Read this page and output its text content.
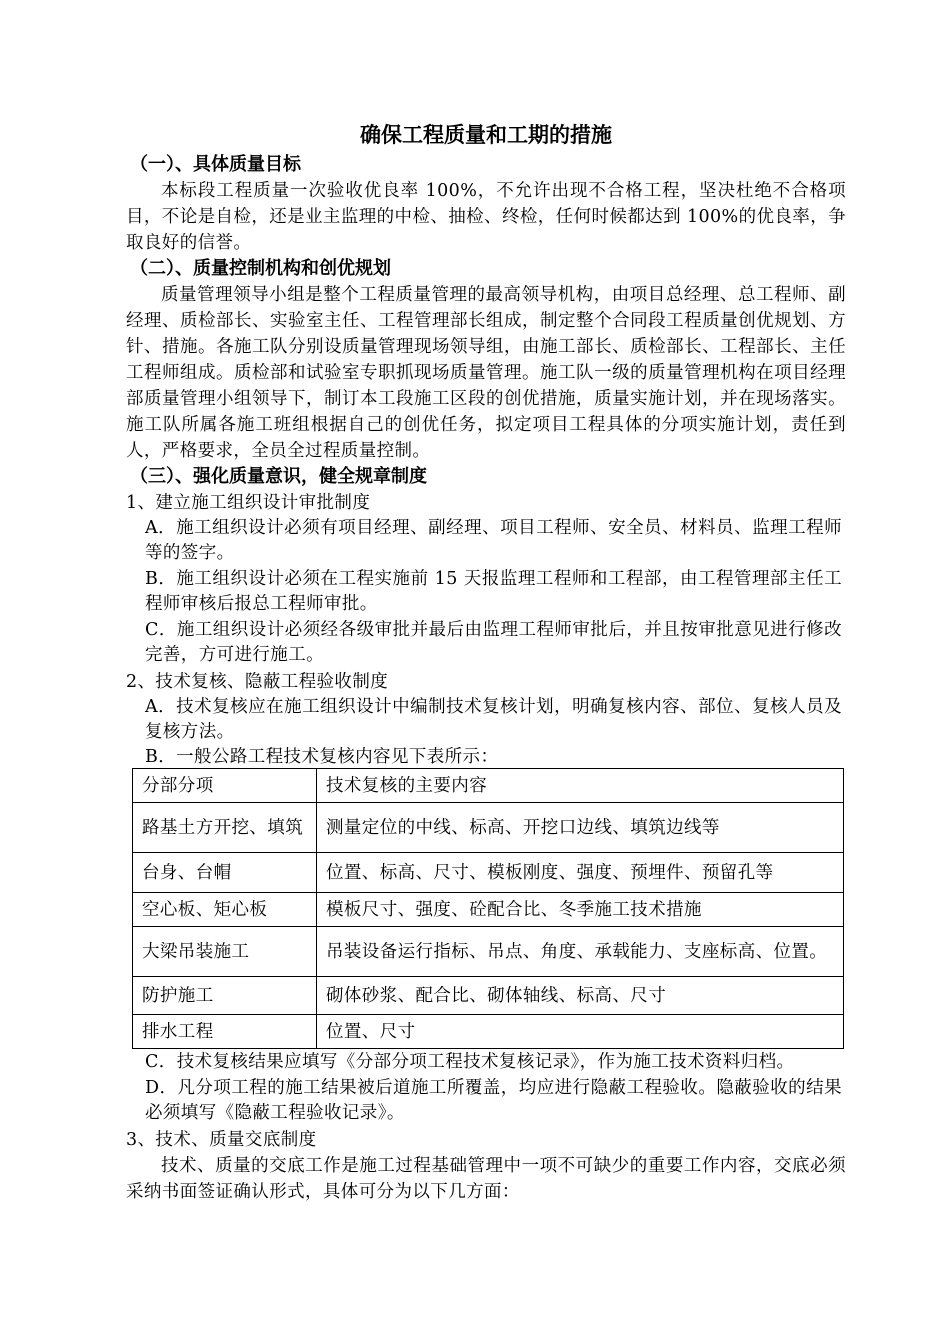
确保工程质量和工期的措施
（一）、具体质量目标

本标段工程质量一次验收优良率 100%，不允许出现不合格工程，坚决杜绝不合格项目，不论是自检，还是业主监理的中检、抽检、终检，任何时候都达到 100%的优良率，争取良好的信誉。

（二）、质量控制机构和创优规划

质量管理领导小组是整个工程质量管理的最高领导机构，由项目总经理、总工程师、副经理、质检部长、实验室主任、工程管理部长组成，制定整个合同段工程质量创优规划、方针、措施。各施工队分别设质量管理现场领导组，由施工部长、质检部长、工程部长、主任工程师组成。质检部和试验室专职抓现场质量管理。施工队一级的质量管理机构在项目经理部质量管理小组领导下，制订本工段施工区段的创优措施，质量实施计划，并在现场落实。施工队所属各施工班组根据自己的创优任务，拟定项目工程具体的分项实施计划，责任到人，严格要求，全员全过程质量控制。

（三）、强化质量意识，健全规章制度

1、建立施工组织设计审批制度

A．施工组织设计必须有项目经理、副经理、项目工程师、安全员、材料员、监理工程师等的签字。

B．施工组织设计必须在工程实施前 15 天报监理工程师和工程部，由工程管理部主任工程师审核后报总工程师审批。

C．施工组织设计必须经各级审批并最后由监理工程师审批后，并且按审批意见进行修改完善，方可进行施工。

2、技术复核、隐蔽工程验收制度

A．技术复核应在施工组织设计中编制技术复核计划，明确复核内容、部位、复核人员及复核方法。

B．一般公路工程技术复核内容见下表所示：

分部分项	技术复核的主要内容
路基土方开挖、填筑	测量定位的中线、标高、开挖口边线、填筑边线等
台身、台帽	位置、标高、尺寸、模板刚度、强度、预埋件、预留孔等
空心板、矩心板	模板尺寸、强度、砼配合比、冬季施工技术措施
大梁吊装施工	吊装设备运行指标、吊点、角度、承载能力、支座标高、位置。
防护施工	砌体砂浆、配合比、砌体轴线、标高、尺寸
排水工程	位置、尺寸

C．技术复核结果应填写《分部分项工程技术复核记录》，作为施工技术资料归档。

D．凡分项工程的施工结果被后道施工所覆盖，均应进行隐蔽工程验收。隐蔽验收的结果必须填写《隐蔽工程验收记录》。

3、技术、质量交底制度

技术、质量的交底工作是施工过程基础管理中一项不可缺少的重要工作内容，交底必须采纳书面签证确认形式，具体可分为以下几方面：
